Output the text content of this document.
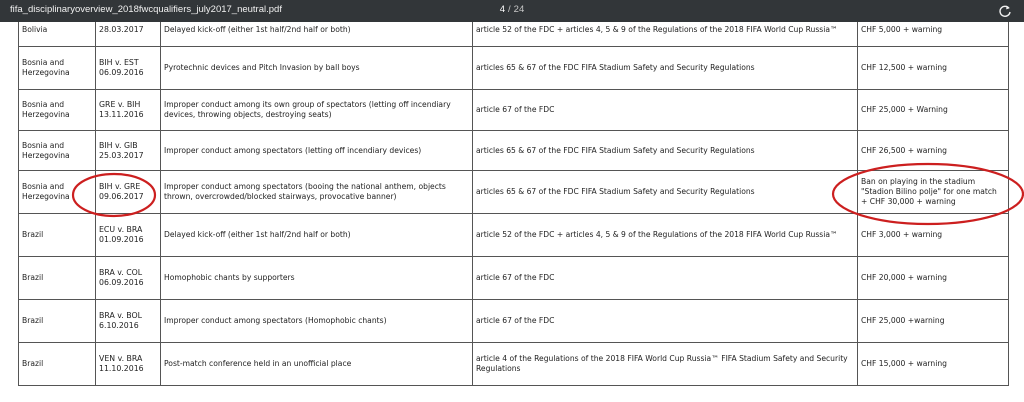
Bolivia	28.03.2017	Delayed kick-off (either 1st half/2nd half or both)	article 52 of the FDC + articles 4, 5 & 9 of the Regulations of the 2018 FIFA World Cup Russia™	CHF 5,000 + warning
Bosnia and Herzegovina	BIH v. EST 06.09.2016	Pyrotechnic devices and Pitch Invasion by ball boys	articles 65 & 67 of the FDC FIFA Stadium Safety and Security Regulations	CHF 12,500 + warning
Bosnia and Herzegovina	GRE v. BIH 13.11.2016	Improper conduct among its own group of spectators (letting off incendiary devices, throwing objects, destroying seats)	article 67 of the FDC	CHF 25,000 + Warning
Bosnia and Herzegovina	BIH v. GIB 25.03.2017	Improper conduct among spectators (letting off incendiary devices)	articles 65 & 67 of the FDC FIFA Stadium Safety and Security Regulations	CHF 26,500 + warning
Bosnia and Herzegovina	BIH v. GRE 09.06.2017	Improper conduct among spectators (booing the national anthem, objects thrown, overcrowded/blocked stairways, provocative banner)	articles 65 & 67 of the FDC FIFA Stadium Safety and Security Regulations	Ban on playing in the stadium "Stadion Bilino polje" for one match + CHF 30,000 + warning
Brazil	ECU v. BRA 01.09.2016	Delayed kick-off (either 1st half/2nd half or both)	article 52 of the FDC + articles 4, 5 & 9 of the Regulations of the 2018 FIFA World Cup Russia™	CHF 3,000 + warning
Brazil	BRA v. COL 06.09.2016	Homophobic chants by supporters	article 67 of the FDC	CHF 20,000 + warning
Brazil	BRA v. BOL 6.10.2016	Improper conduct among spectators (Homophobic chants)	article 67 of the FDC	CHF 25,000 +warning
Brazil	VEN v. BRA 11.10.2016	Post-match conference held in an unofficial place	article 4 of the Regulations of the 2018 FIFA World Cup Russia™ FIFA Stadium Safety and Security Regulations	CHF 15,000 + warning
fifa_disciplinaryoverview_2018fwcqualifiers_july2017_neutral.pdf	4 / 24
